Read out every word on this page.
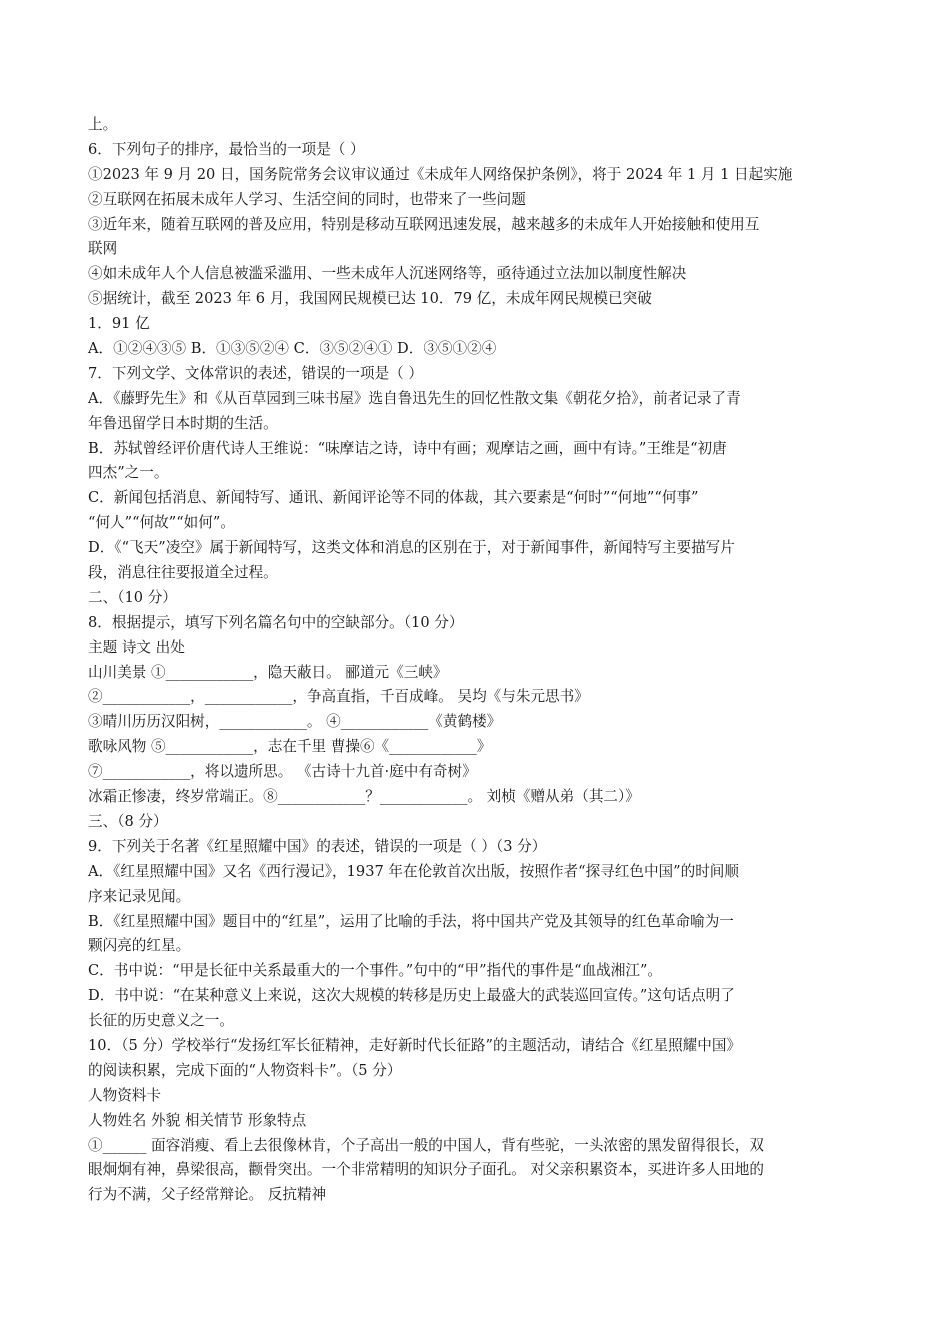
上。
6．下列句子的排序，最恰当的一项是（ ）
①2023 年 9 月 20 日，国务院常务会议审议通过《未成年人网络保护条例》，将于 2024 年 1 月 1 日起实施
②互联网在拓展未成年人学习、生活空间的同时，也带来了一些问题
③近年来，随着互联网的普及应用，特别是移动互联网迅速发展，越来越多的未成年人开始接触和使用互
联网
④如未成年人个人信息被滥采滥用、一些未成年人沉迷网络等，亟待通过立法加以制度性解决
⑤据统计，截至 2023 年 6 月，我国网民规模已达 10．79 亿，未成年网民规模已突破
1．91 亿
A．①②④③⑤ B．①③⑤②④ C．③⑤②④① D．③⑤①②④
7．下列文学、文体常识的表述，错误的一项是（ ）
A．《藤野先生》和《从百草园到三味书屋》选自鲁迅先生的回忆性散文集《朝花夕拾》，前者记录了青
年鲁迅留学日本时期的生活。
B．苏轼曾经评价唐代诗人王维说：“味摩诘之诗，诗中有画；观摩诘之画，画中有诗。”王维是“初唐
四杰”之一。
C．新闻包括消息、新闻特写、通讯、新闻评论等不同的体裁，其六要素是“何时”“何地”“何事”
“何人”“何故”“如何”。
D．《“飞天”凌空》属于新闻特写，这类文体和消息的区别在于，对于新闻事件，新闻特写主要描写片
段，消息往往要报道全过程。
二、（10 分）
8．根据提示，填写下列名篇名句中的空缺部分。（10 分）
主题 诗文 出处
山川美景 ①____________，隐天蔽日。 郦道元《三峡》
②____________，____________，争高直指，千百成峰。 吴均《与朱元思书》
③晴川历历汉阳树，____________。 ④____________《黄鹤楼》
歌咏风物 ⑤____________，志在千里 曹操⑥《____________》
⑦____________，将以遗所思。 《古诗十九首·庭中有奇树》
冰霜正惨凄，终岁常端正。⑧____________？____________。 刘桢《赠从弟（其二）》
三、（8 分）
9．下列关于名著《红星照耀中国》的表述，错误的一项是（ ）（3 分）
A．《红星照耀中国》又名《西行漫记》，1937 年在伦敦首次出版，按照作者“探寻红色中国”的时间顺
序来记录见闻。
B．《红星照耀中国》题目中的“红星”，运用了比喻的手法，将中国共产党及其领导的红色革命喻为一
颗闪亮的红星。
C．书中说：“甲是长征中关系最重大的一个事件。”句中的“甲”指代的事件是“血战湘江”。
D．书中说：“在某种意义上来说，这次大规模的转移是历史上最盛大的武装巡回宣传。”这句话点明了
长征的历史意义之一。
10．（5 分）学校举行“发扬红军长征精神，走好新时代长征路”的主题活动，请结合《红星照耀中国》
的阅读积累，完成下面的“人物资料卡”。（5 分）
人物资料卡
人物姓名 外貌 相关情节 形象特点
①______ 面容消瘦、看上去很像林肯，个子高出一般的中国人，背有些驼，一头浓密的黑发留得很长，双
眼炯炯有神，鼻梁很高，颧骨突出。一个非常精明的知识分子面孔。 对父亲积累资本，买进许多人田地的
行为不满，父子经常辩论。 反抗精神
